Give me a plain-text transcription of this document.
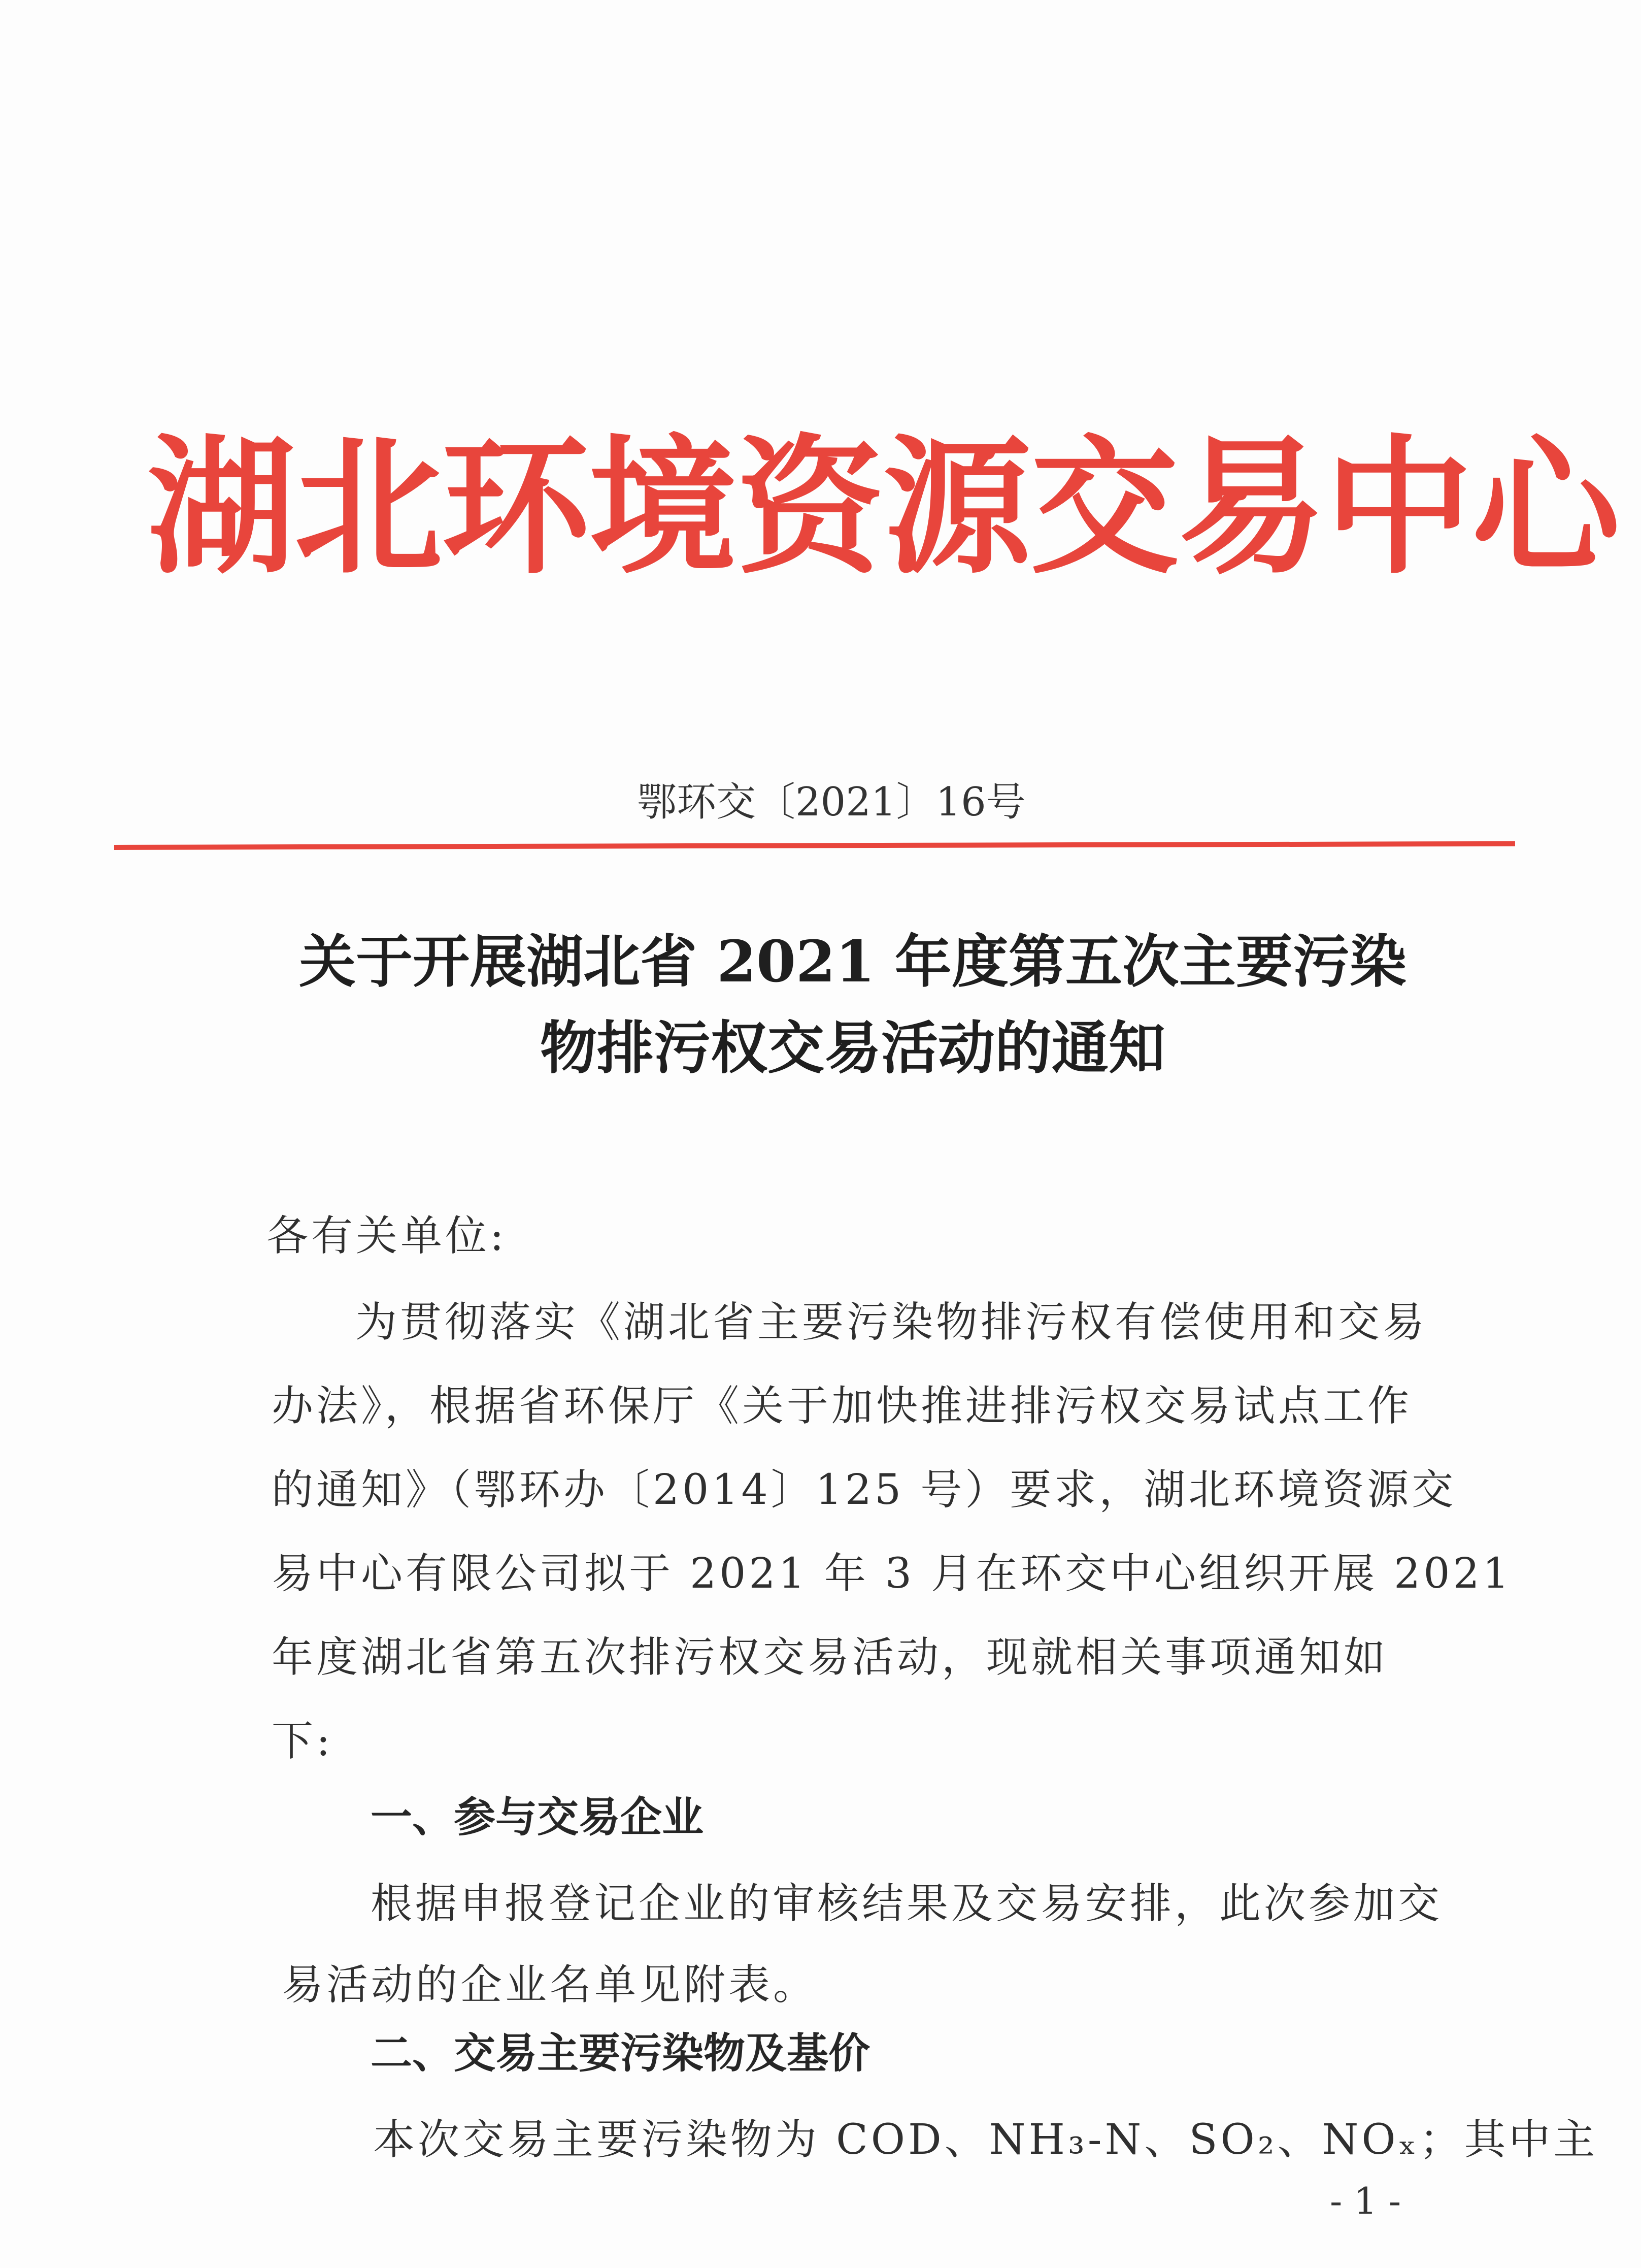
湖北环境资源交易中心
鄂环交〔2021〕16号
关于开展湖北省 2021 年度第五次主要污染
物排污权交易活动的通知
各有关单位:
为贯彻落实《湖北省主要污染物排污权有偿使用和交易
办法》，根据省环保厅《关于加快推进排污权交易试点工作
的通知》（鄂环办〔2014〕125 号）要求，湖北环境资源交
易中心有限公司拟于 2021 年 3 月在环交中心组织开展 2021
年度湖北省第五次排污权交易活动，现就相关事项通知如
下:
一、参与交易企业
根据申报登记企业的审核结果及交易安排，此次参加交
易活动的企业名单见附表。
二、交易主要污染物及基价
本次交易主要污染物为 COD、NH₃-N、SO₂、NOₓ；其中主
- 1 -
